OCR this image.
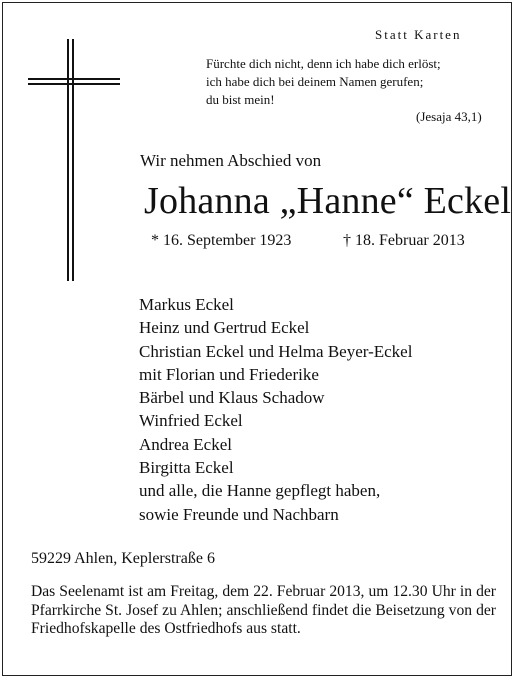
Statt Karten
Fürchte dich nicht, denn ich habe dich erlöst;
ich habe dich bei deinem Namen gerufen;
du bist mein!
(Jesaja 43,1)
Wir nehmen Abschied von
Johanna „Hanne“ Eckel
* 16. September 1923	† 18. Februar 2013
Markus Eckel
Heinz und Gertrud Eckel
Christian Eckel und Helma Beyer-Eckel
mit Florian und Friederike
Bärbel und Klaus Schadow
Winfried Eckel
Andrea Eckel
Birgitta Eckel
und alle, die Hanne gepflegt haben,
sowie Freunde und Nachbarn
59229 Ahlen, Keplerstraße 6
Das Seelenamt ist am Freitag, dem 22. Februar 2013, um 12.30 Uhr in der Pfarrkirche St. Josef zu Ahlen; anschließend findet die Beisetzung von der Friedhofskapelle des Ostfriedhofs aus statt.
